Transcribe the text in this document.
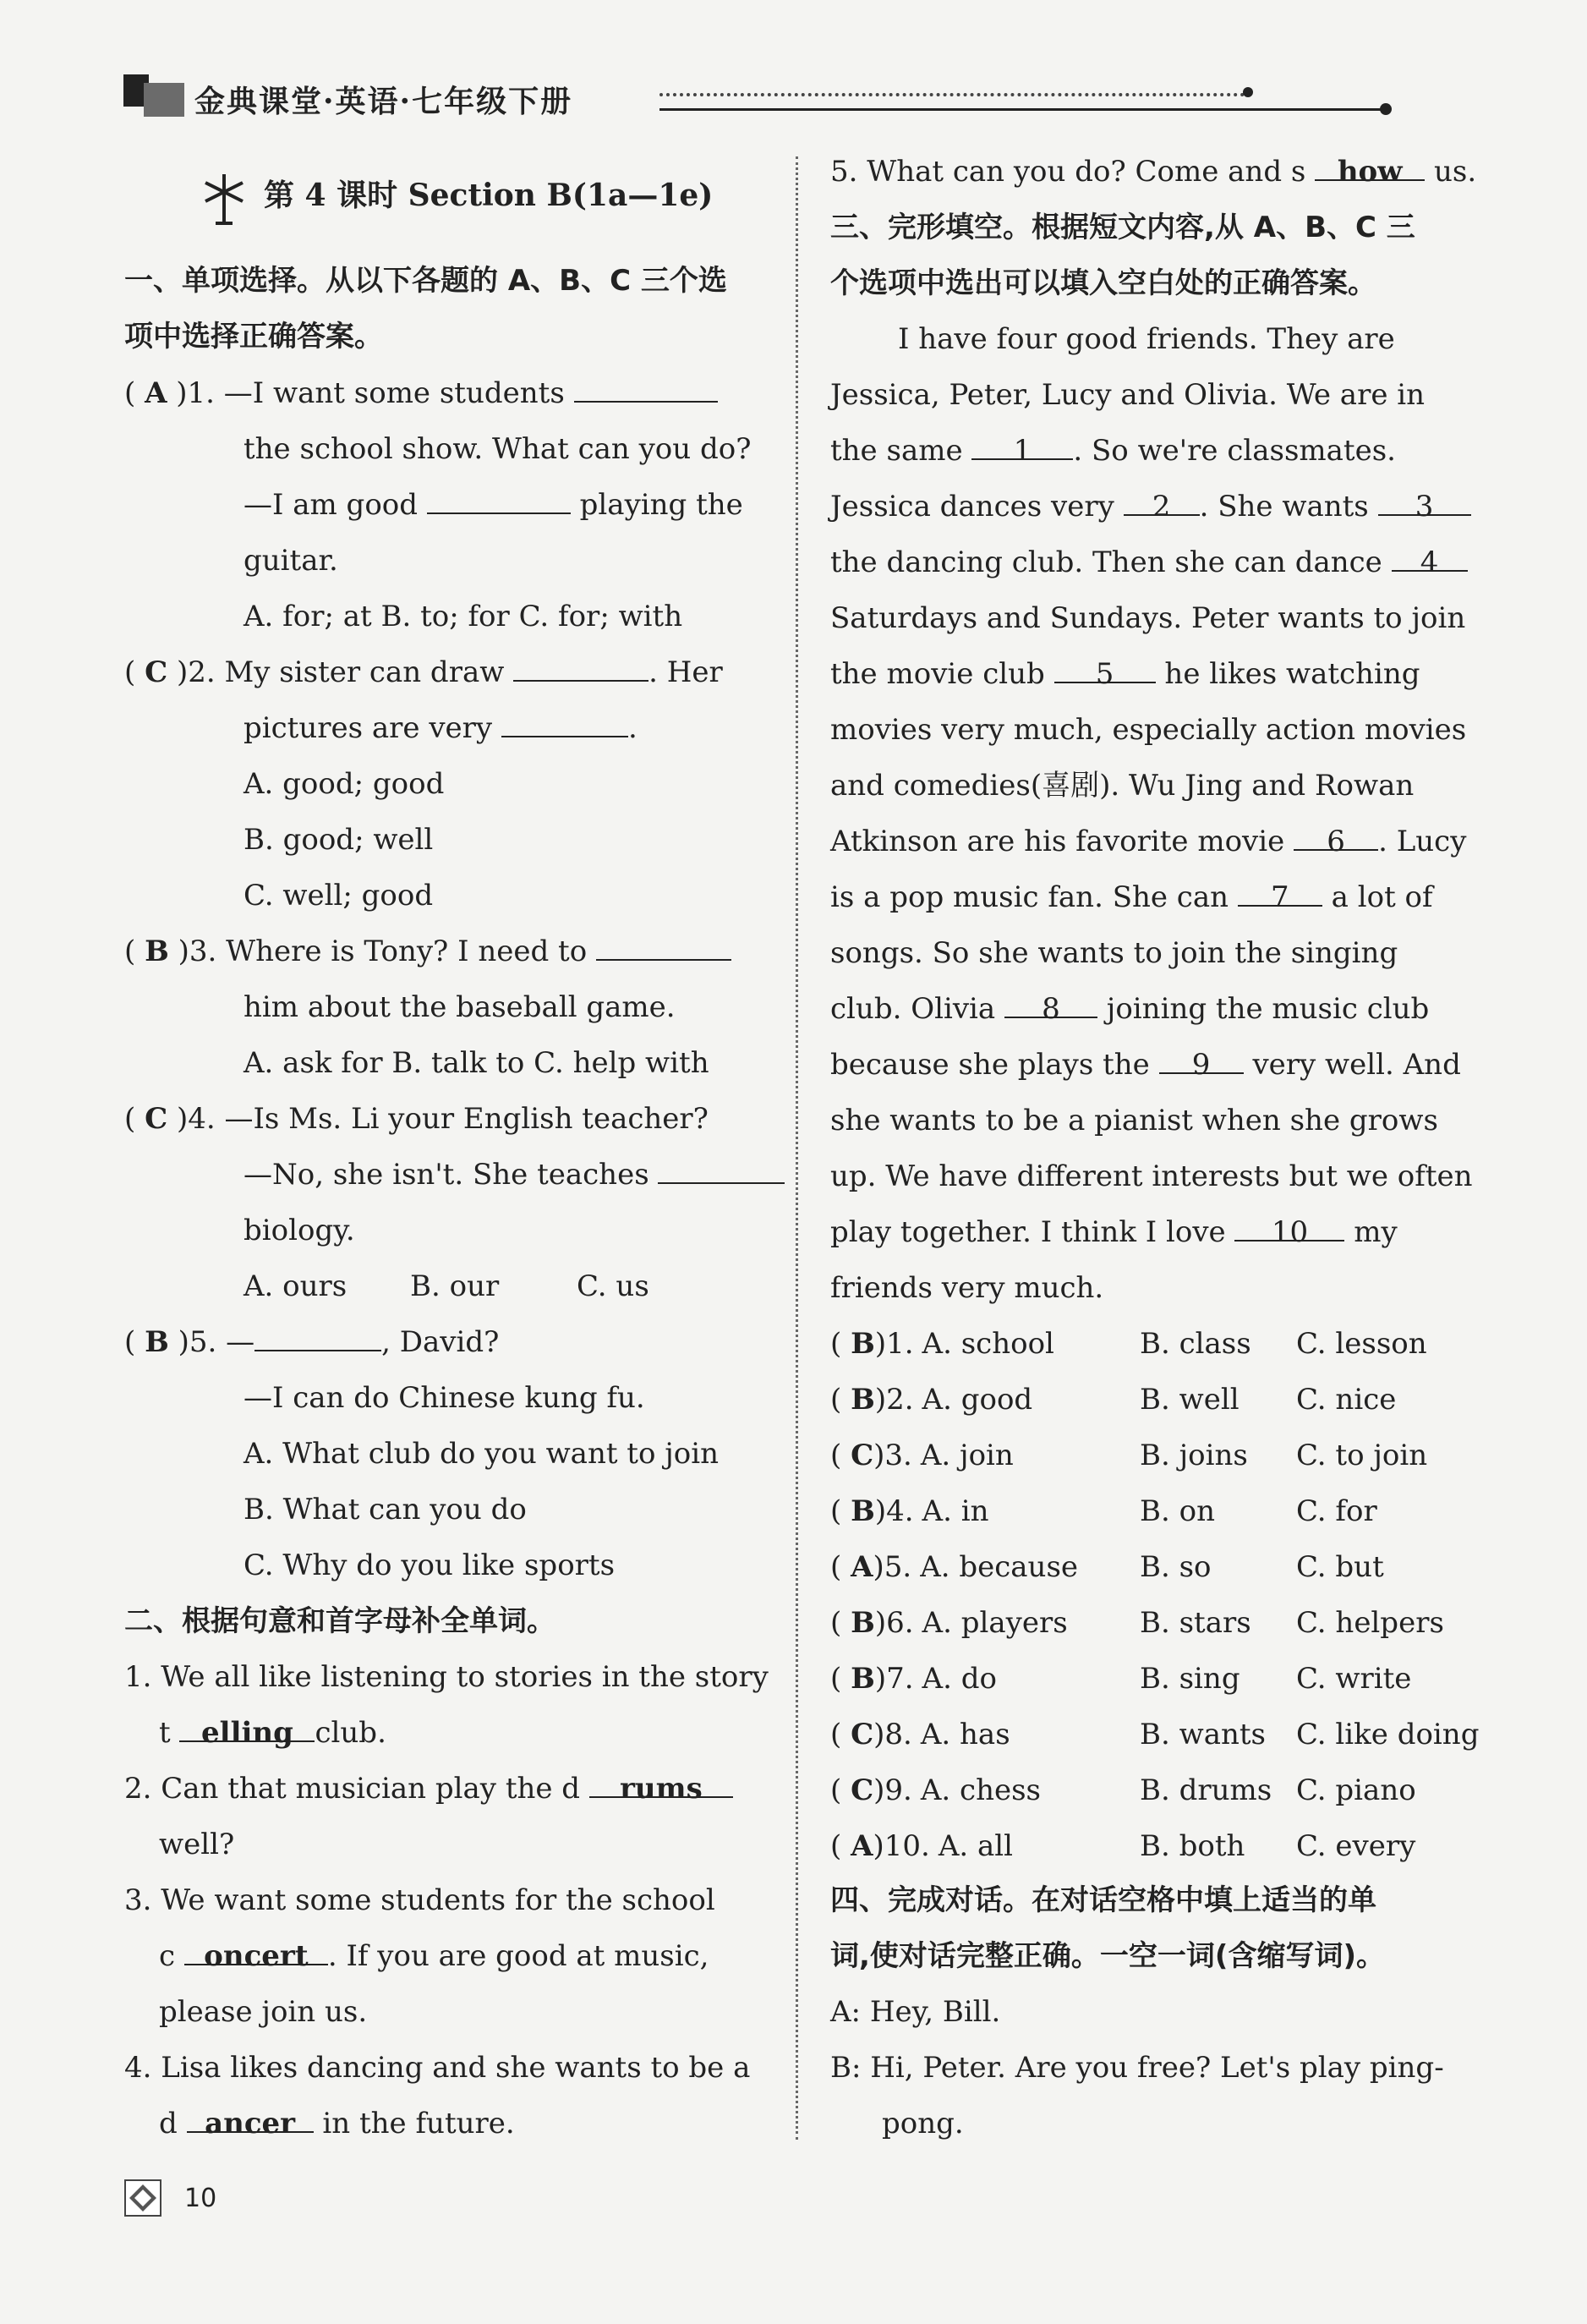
金典课堂·英语·七年级下册
第 4 课时 Section B(1a—1e)
一、单项选择。从以下各题的 A、B、C 三个选
项中选择正确答案。
( A )1. —I want some students
the school show. What can you do?
—I am good	playing the
guitar.
A. for; at B. to; for C. for; with
( C )2. My sister can draw	. Her
pictures are very	.
A. good; good
B. good; well
C. well; good
( B )3. Where is Tony? I need to
him about the baseball game.
A. ask for B. talk to C. help with
( C )4. —Is Ms. Li your English teacher?
—No, she isn't. She teaches
biology.
A. ours B. our	C. us
( B )5. —	, David?
—I can do Chinese kung fu.
A. What club do you want to join
B. What can you do
C. Why do you like sports
二、根据句意和首字母补全单词。
1. We all like listening to stories in the story
t elling club.
2. Can that musician play the d rums
well?
3. We want some students for the school
c oncert . If you are good at music,
please join us.
4. Lisa likes dancing and she wants to be a
d ancer in the future.
5. What can you do? Come and s how us.
三、完形填空。根据短文内容,从 A、B、C 三
个选项中选出可以填入空白处的正确答案。
I have four good friends. They are
Jessica, Peter, Lucy and Olivia. We are in
the same 1 . So we're classmates.
Jessica dances very 2 . She wants 3
the dancing club. Then she can dance 4
Saturdays and Sundays. Peter wants to join
the movie club 5 he likes watching
movies very much, especially action movies
and comedies(喜剧). Wu Jing and Rowan
Atkinson are his favorite movie 6 . Lucy
is a pop music fan. She can 7 a lot of
songs. So she wants to join the singing
club. Olivia 8 joining the music club
because she plays the 9 very well. And
she wants to be a pianist when she grows
up. We have different interests but we often
play together. I think I love 10 my
friends very much.
( B)1. A. school	B. class C. lesson
( B)2. A. good	B. well C. nice
( C)3. A. join	B. joins C. to join
( B)4. A. in	B. on	C. for
( A)5. A. because B. so	C. but
( B)6. A. players	B. stars C. helpers
( B)7. A. do	B. sing C. write
( C)8. A. has	B. wants C. like doing
( C)9. A. chess	B. drums C. piano
( A)10. A. all	B. both C. every
四、完成对话。在对话空格中填上适当的单
词,使对话完整正确。一空一词(含缩写词)。
A: Hey, Bill.
B: Hi, Peter. Are you free? Let's play ping-
pong.
10
